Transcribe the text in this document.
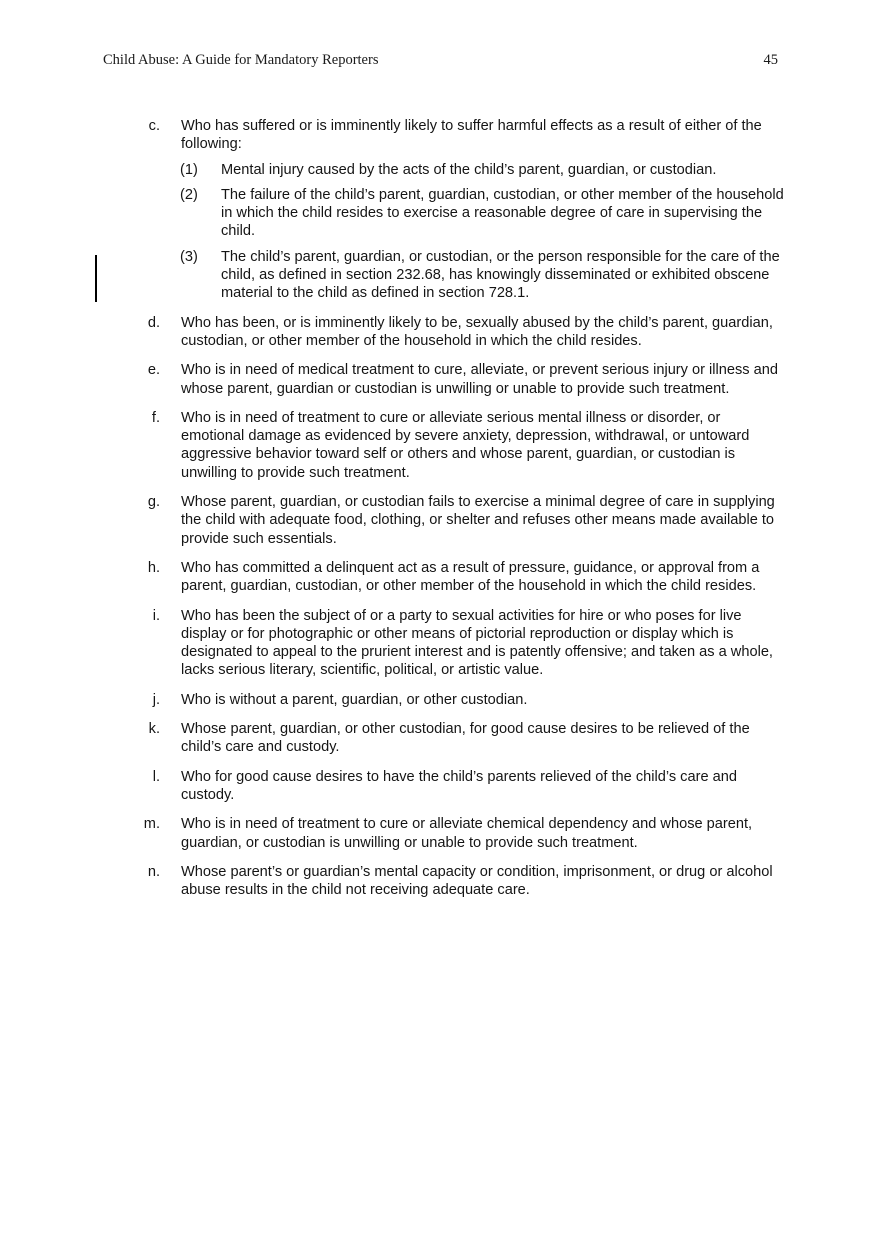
Child Abuse: A Guide for Mandatory Reporters	45
c. Who has suffered or is imminently likely to suffer harmful effects as a result of either of the following:
(1) Mental injury caused by the acts of the child’s parent, guardian, or custodian.
(2) The failure of the child’s parent, guardian, custodian, or other member of the household in which the child resides to exercise a reasonable degree of care in supervising the child.
(3) The child’s parent, guardian, or custodian, or the person responsible for the care of the child, as defined in section 232.68, has knowingly disseminated or exhibited obscene material to the child as defined in section 728.1.
d. Who has been, or is imminently likely to be, sexually abused by the child’s parent, guardian, custodian, or other member of the household in which the child resides.
e. Who is in need of medical treatment to cure, alleviate, or prevent serious injury or illness and whose parent, guardian or custodian is unwilling or unable to provide such treatment.
f. Who is in need of treatment to cure or alleviate serious mental illness or disorder, or emotional damage as evidenced by severe anxiety, depression, withdrawal, or untoward aggressive behavior toward self or others and whose parent, guardian, or custodian is unwilling to provide such treatment.
g. Whose parent, guardian, or custodian fails to exercise a minimal degree of care in supplying the child with adequate food, clothing, or shelter and refuses other means made available to provide such essentials.
h. Who has committed a delinquent act as a result of pressure, guidance, or approval from a parent, guardian, custodian, or other member of the household in which the child resides.
i. Who has been the subject of or a party to sexual activities for hire or who poses for live display or for photographic or other means of pictorial reproduction or display which is designated to appeal to the prurient interest and is patently offensive; and taken as a whole, lacks serious literary, scientific, political, or artistic value.
j. Who is without a parent, guardian, or other custodian.
k. Whose parent, guardian, or other custodian, for good cause desires to be relieved of the child’s care and custody.
l. Who for good cause desires to have the child’s parents relieved of the child’s care and custody.
m. Who is in need of treatment to cure or alleviate chemical dependency and whose parent, guardian, or custodian is unwilling or unable to provide such treatment.
n. Whose parent’s or guardian’s mental capacity or condition, imprisonment, or drug or alcohol abuse results in the child not receiving adequate care.
